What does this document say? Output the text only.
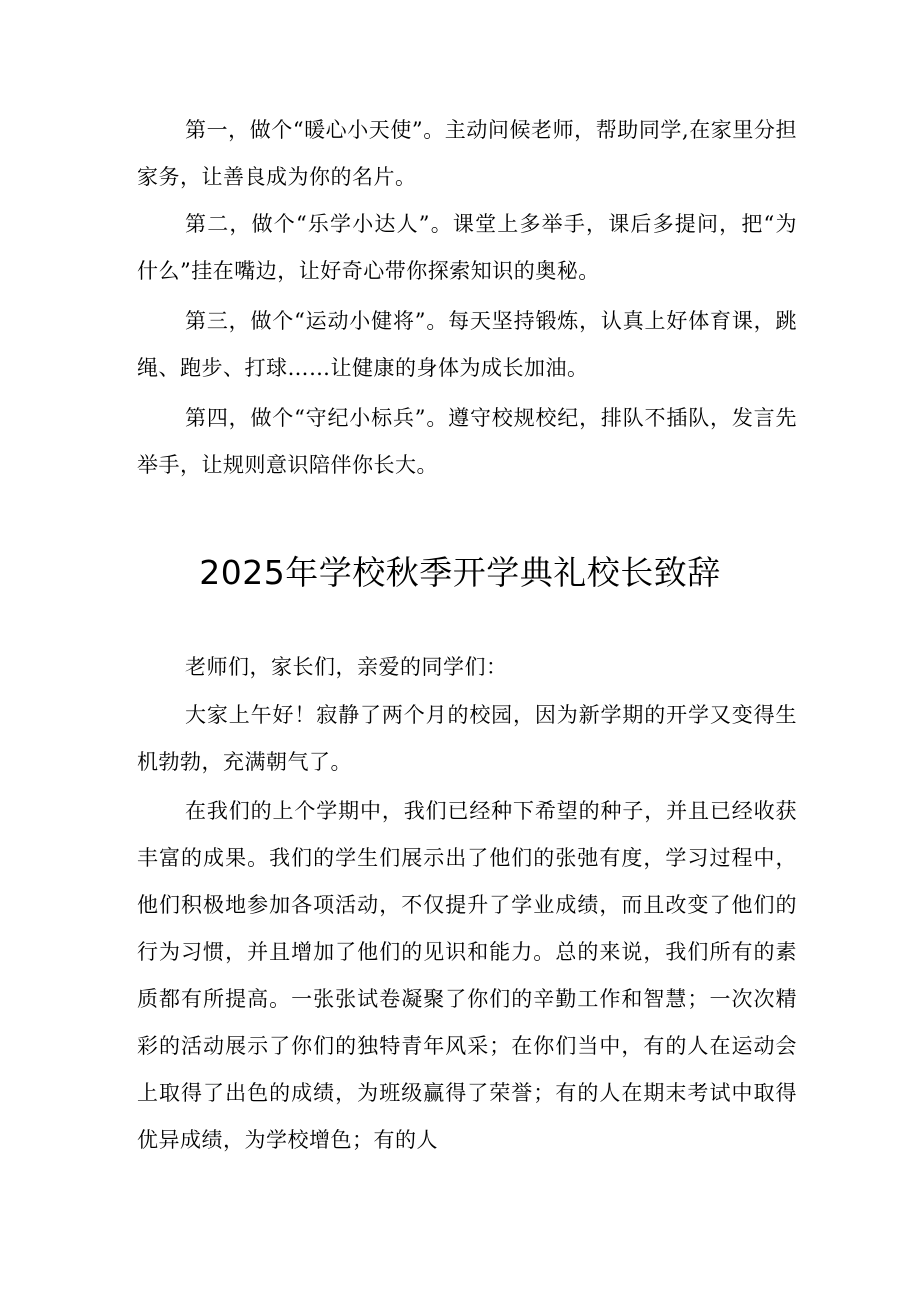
第一，做个“暖心小天使”。主动问候老师，帮助同学,在家里分担家务，让善良成为你的名片。

第二，做个“乐学小达人”。课堂上多举手，课后多提问，把“为什么”挂在嘴边，让好奇心带你探索知识的奥秘。

第三，做个“运动小健将”。每天坚持锻炼，认真上好体育课，跳绳、跑步、打球……让健康的身体为成长加油。

第四，做个“守纪小标兵”。遵守校规校纪，排队不插队，发言先举手，让规则意识陪伴你长大。

2025年学校秋季开学典礼校长致辞

老师们，家长们，亲爱的同学们：

大家上午好！寂静了两个月的校园，因为新学期的开学又变得生机勃勃，充满朝气了。

在我们的上个学期中，我们已经种下希望的种子，并且已经收获丰富的成果。我们的学生们展示出了他们的张弛有度，学习过程中，他们积极地参加各项活动，不仅提升了学业成绩，而且改变了他们的行为习惯，并且增加了他们的见识和能力。总的来说，我们所有的素质都有所提高。一张张试卷凝聚了你们的辛勤工作和智慧；一次次精彩的活动展示了你们的独特青年风采；在你们当中，有的人在运动会上取得了出色的成绩，为班级赢得了荣誉；有的人在期末考试中取得优异成绩，为学校增色；有的人
